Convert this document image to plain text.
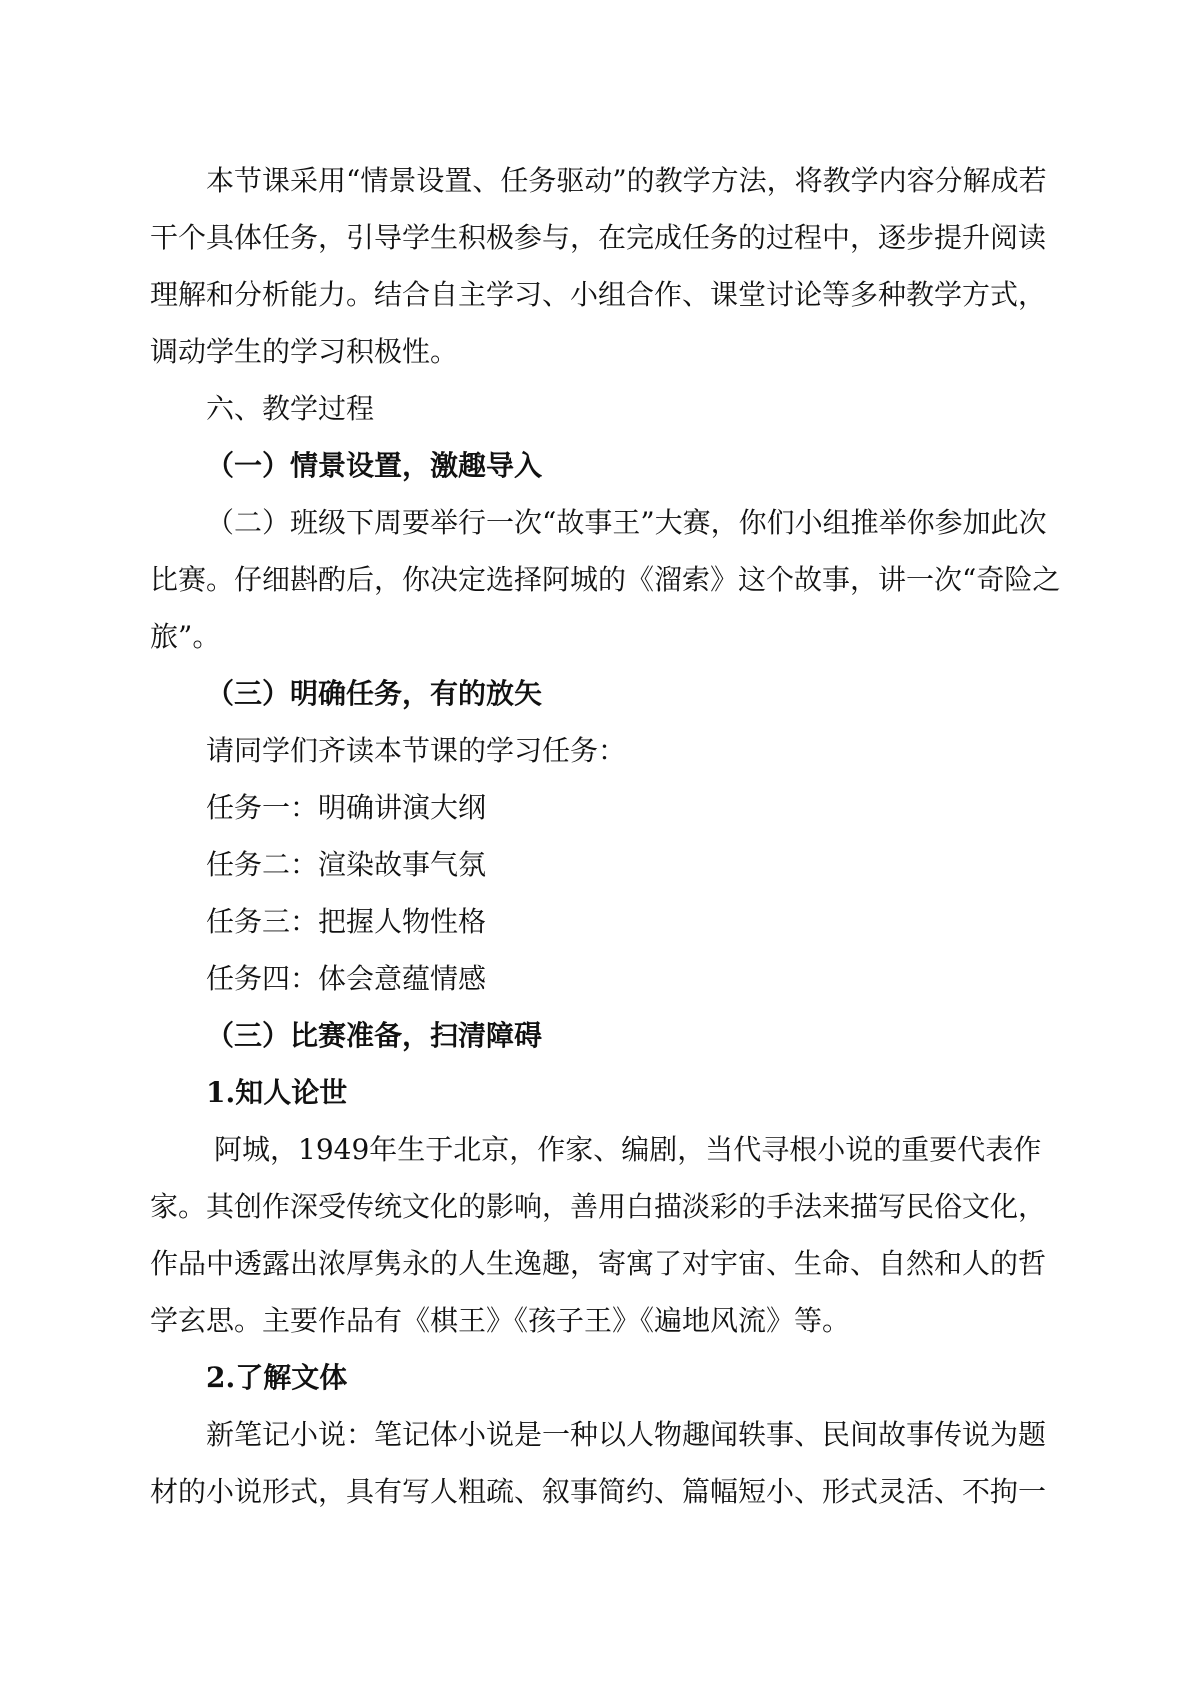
本节课采用“情景设置、任务驱动”的教学方法，将教学内容分解成若干个具体任务，引导学生积极参与，在完成任务的过程中，逐步提升阅读理解和分析能力。结合自主学习、小组合作、课堂讨论等多种教学方式，调动学生的学习积极性。

六、教学过程

（一）情景设置，激趣导入

（二）班级下周要举行一次“故事王”大赛，你们小组推举你参加此次比赛。仔细斟酌后，你决定选择阿城的《溜索》这个故事，讲一次“奇险之旅”。

（三）明确任务，有的放矢

请同学们齐读本节课的学习任务：

任务一：明确讲演大纲

任务二：渲染故事气氛

任务三：把握人物性格

任务四：体会意蕴情感

（三）比赛准备，扫清障碍

1.知人论世

阿城，1949年生于北京，作家、编剧，当代寻根小说的重要代表作家。其创作深受传统文化的影响，善用白描淡彩的手法来描写民俗文化，作品中透露出浓厚隽永的人生逸趣，寄寓了对宇宙、生命、自然和人的哲学玄思。主要作品有《棋王》《孩子王》《遍地风流》等。

2.了解文体

新笔记小说：笔记体小说是一种以人物趣闻轶事、民间故事传说为题材的小说形式，具有写人粗疏、叙事简约、篇幅短小、形式灵活、不拘一
